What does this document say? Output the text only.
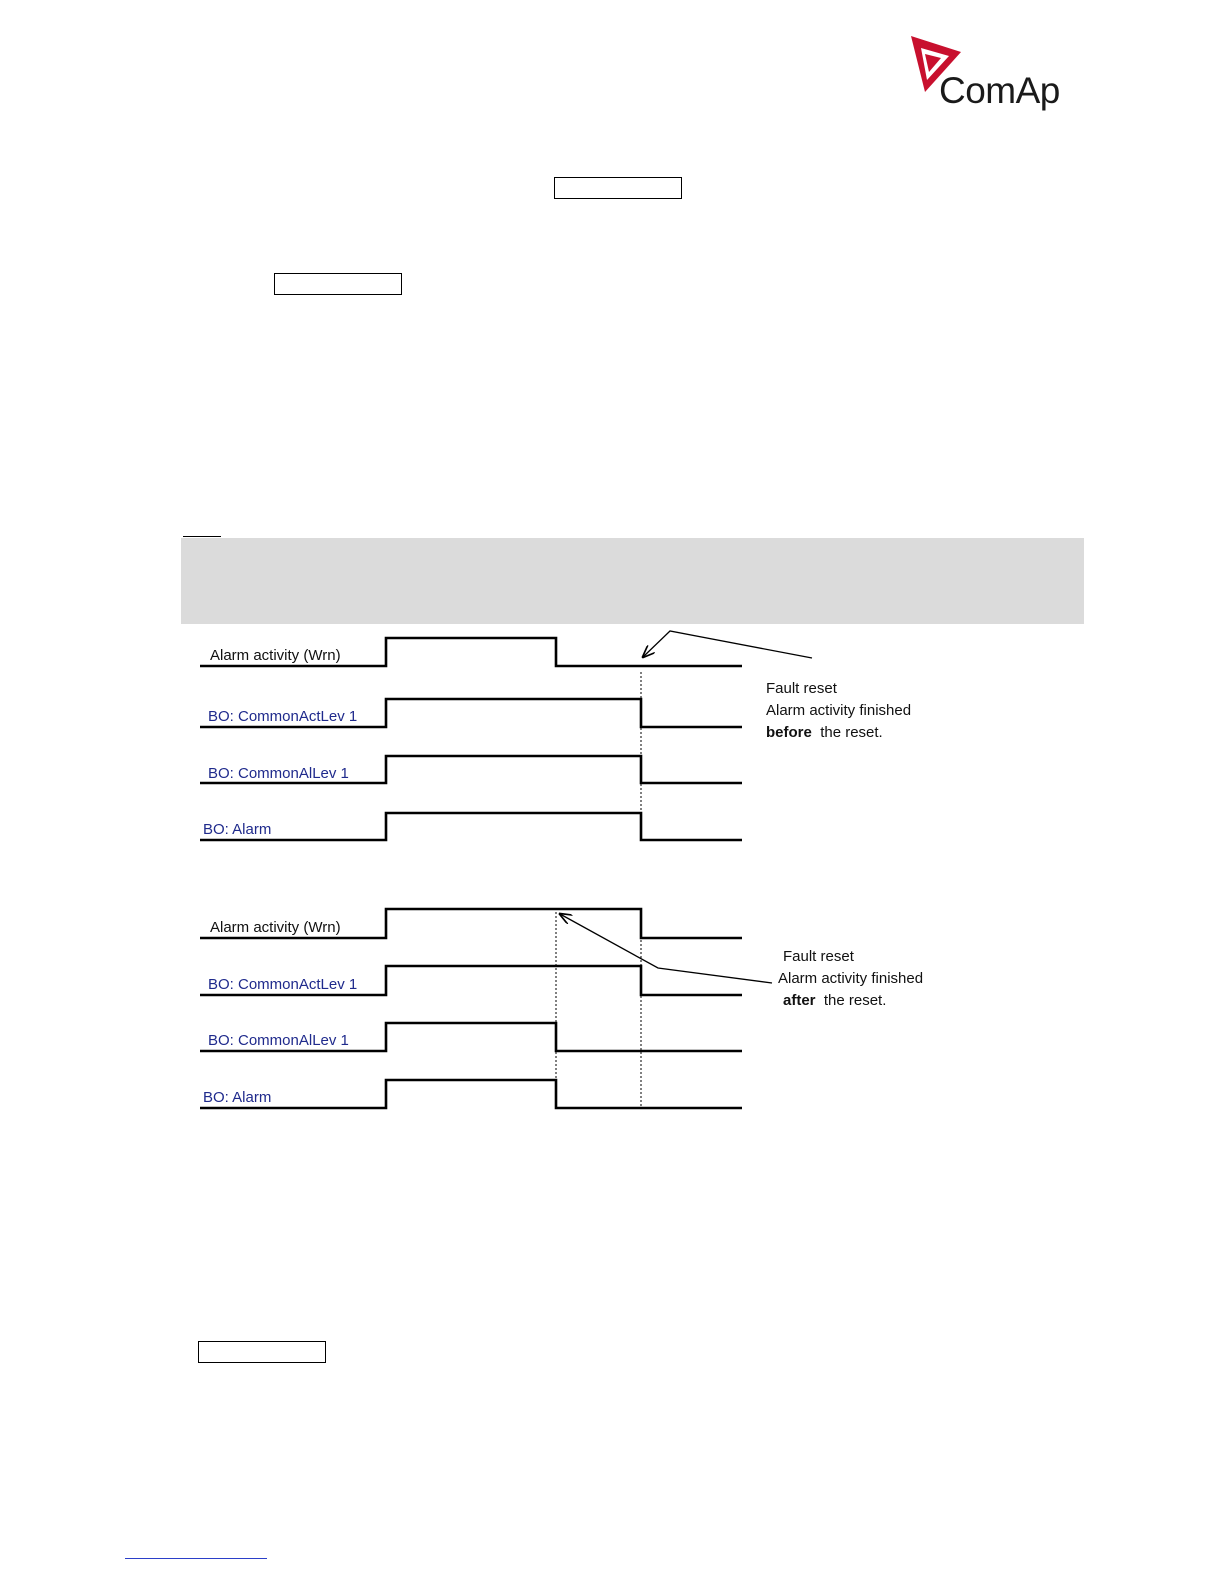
ComAp
Alarm activity (Wrn)
BO: CommonActLev 1
BO: CommonAlLev 1
BO: Alarm
Fault reset
Alarm activity finished
before the reset.
Alarm activity (Wrn)
BO: CommonActLev 1
BO: CommonAlLev 1
BO: Alarm
Fault reset
Alarm activity finished
after the reset.
